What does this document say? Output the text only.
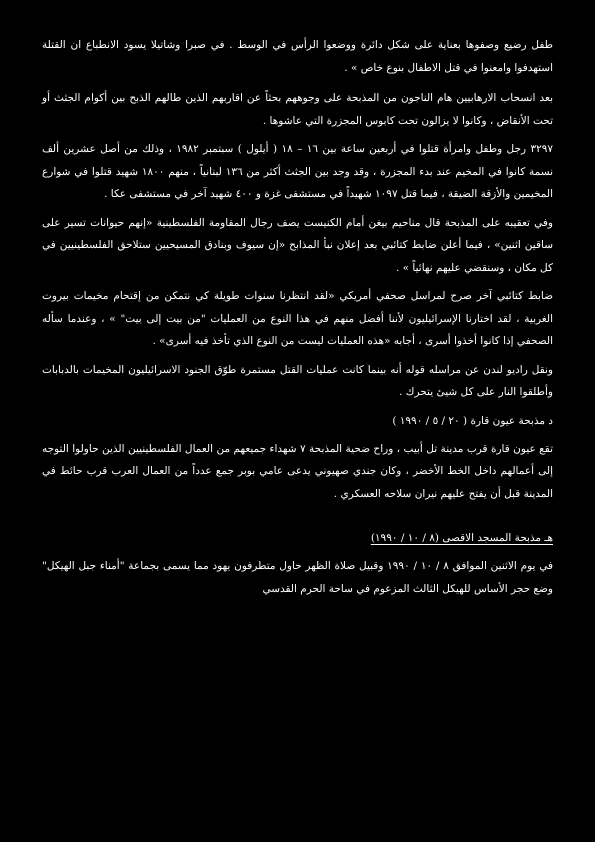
طفل رضيع وصفوها بعناية على شكل دائرة ووضعوا الرأس في الوسط . في صبرا وشاتيلا يسود الانطباع ان القتلة استهدفوا وامعنوا في قتل الاطفال بنوع خاص » .

بعد انسحاب الارهابيين هام الناجون من المذبحة على وجوههم بحثاً عن اقاربهم الذين طالهم الذبح بين أكوام الجثث أو تحت الأنقاض ، وكانوا لا يزالون تحت كابوس المجزرة التي عاشوها .

٣٢٩٧ رجل وطفل وامرأة قتلوا في أربعين ساعة بين ١٦ – ١٨ ( أيلول ) سبتمبر ١٩٨٢ ، وذلك من أصل عشرين ألف نسمة كانوا في المخيم عند بدء المجزرة ، وقد وجد بين الجثث أكثر من ١٣٦ لبنانياً ، منهم ١٨٠٠ شهيد قتلوا في شوارع المخيمين والأزقة الضيقة ، فيما قتل ١٠٩٧ شهيداً في مستشفى غزة و ٤٠٠ شهيد آخر في مستشفى عكا .

وفي تعقيبه على المذبحة قال مناحيم بيغن أمام الكنيست يصف رجال المقاومة الفلسطينية «إنهم حيوانات تسير على ساقين اثنين» ، فيما أعلن ضابط كتائبي بعد إعلان نبأ المذابح «إن سيوف وبنادق المسيحيين ستلاحق الفلسطينيين في كل مكان ، وسنقضي عليهم نهائياً » .

ضابط كتائبي آخر صرح لمراسل صحفي أمريكي «لقد انتظرنا سنوات طويلة كي نتمكن من إقتحام مخيمات بيروت الغربية ، لقد اختارنا الإسرائيليون لأننا أفضل منهم في هذا النوع من العمليات "من بيت إلى بيت" » ، وعندما سأله الصحفي إذا كانوا أخذوا أسرى ، أجابه «هذه العمليات ليست من النوع الذي تأخذ فيه أسرى» .

ونقل راديو لندن عن مراسله قوله أنه بينما كانت عمليات القتل مستمرة طوّق الجنود الاسرائيليون المخيمات بالدبابات وأطلقوا النار على كل شيئ يتحرك .

د مذبحة عيون قارة ( ٢٠ / ٥ / ١٩٩٠ )

تقع عيون قارة قرب مدينة تل أبيب ، وراح ضحية المذبحة ٧ شهداء جميعهم من العمال الفلسطينيين الذين حاولوا التوجه إلى أعمالهم داخل الخط الأخضر ، وكان جندي صهيوني يدعى عامي بوبر جمع عدداً من العمال العرب قرب حائط في المدينة قبل أن يفتح عليهم نيران سلاحه العسكري .

هـ مذبحة المسجد الاقصى (٨ / ١٠ / ١٩٩٠)

في يوم الاثنين الموافق ٨ / ١٠ / ١٩٩٠ وقبيل صلاة الظهر حاول متطرفون يهود مما يسمى بجماعة "أمناء جبل الهيكل" وضع حجر الأساس للهيكل الثالث المزعوم في ساحة الحرم القدسي
